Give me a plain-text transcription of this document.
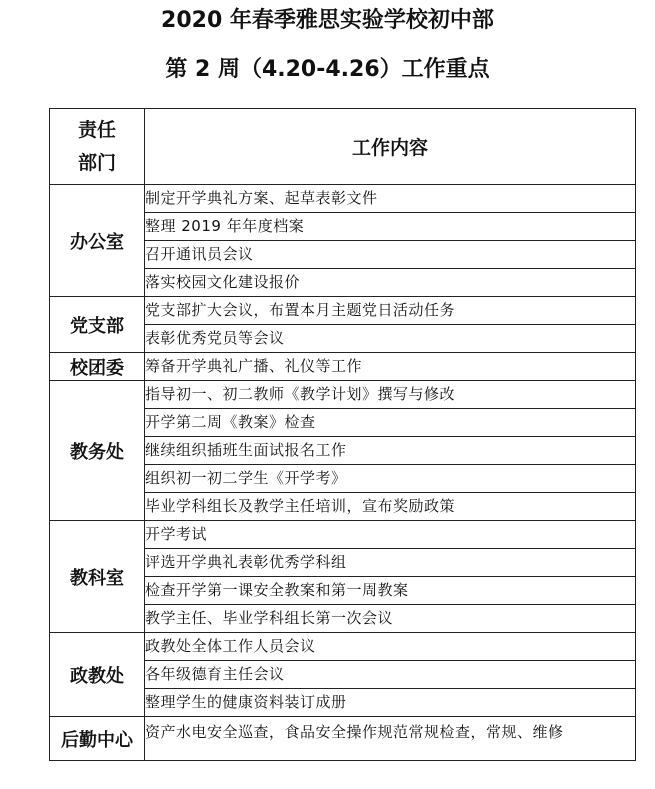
2020 年春季雅思实验学校初中部
第 2 周（4.20-4.26）工作重点
责任
部门	工作内容
办公室	制定开学典礼方案、起草表彰文件
	整理 2019 年年度档案
	召开通讯员会议
	落实校园文化建设报价
党支部	党支部扩大会议，布置本月主题党日活动任务
	表彰优秀党员等会议
校团委	筹备开学典礼广播、礼仪等工作
教务处	指导初一、初二教师《教学计划》撰写与修改
	开学第二周《教案》检查
	继续组织插班生面试报名工作
	组织初一初二学生《开学考》
	毕业学科组长及教学主任培训，宣布奖励政策
教科室	开学考试
	评选开学典礼表彰优秀学科组
	检查开学第一课安全教案和第一周教案
	教学主任、毕业学科组长第一次会议
政教处	政教处全体工作人员会议
	各年级德育主任会议
	整理学生的健康资料装订成册
后勤中心	资产水电安全巡查，食品安全操作规范常规检查，常规、维修
